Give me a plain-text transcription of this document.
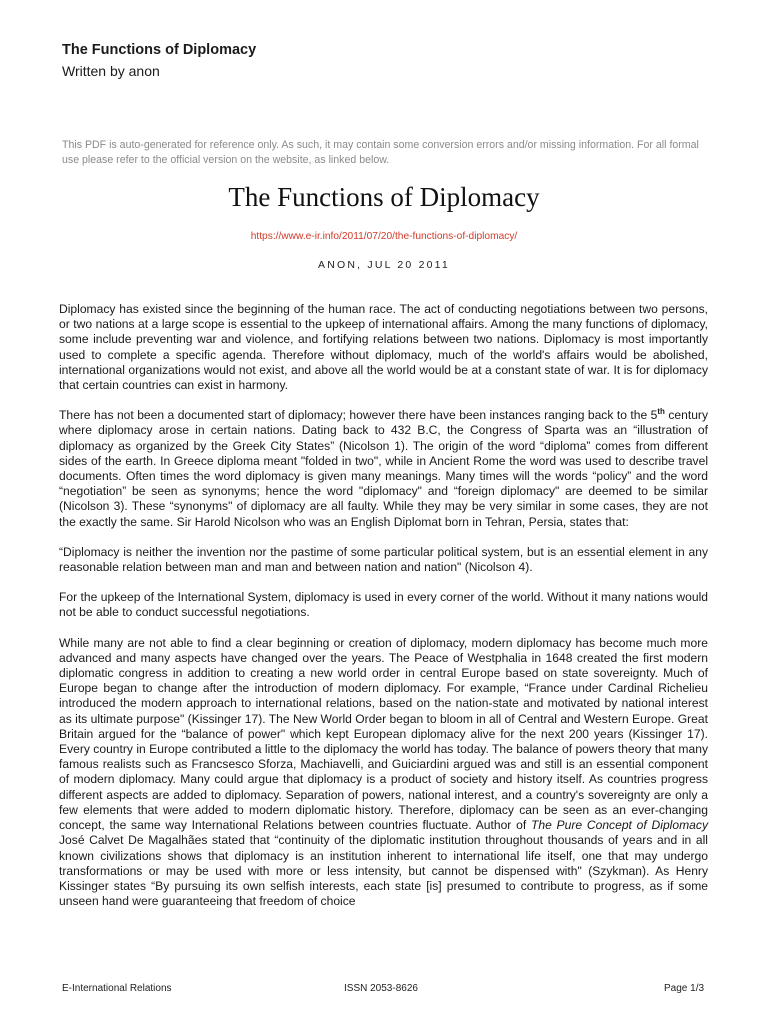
The Functions of Diplomacy
Written by anon
This PDF is auto-generated for reference only. As such, it may contain some conversion errors and/or missing information. For all formal use please refer to the official version on the website, as linked below.
The Functions of Diplomacy
https://www.e-ir.info/2011/07/20/the-functions-of-diplomacy/
ANON, JUL 20 2011

Diplomacy has existed since the beginning of the human race. The act of conducting negotiations between two persons, or two nations at a large scope is essential to the upkeep of international affairs. Among the many functions of diplomacy, some include preventing war and violence, and fortifying relations between two nations. Diplomacy is most importantly used to complete a specific agenda. Therefore without diplomacy, much of the world's affairs would be abolished, international organizations would not exist, and above all the world would be at a constant state of war. It is for diplomacy that certain countries can exist in harmony.

There has not been a documented start of diplomacy; however there have been instances ranging back to the 5th century where diplomacy arose in certain nations. Dating back to 432 B.C, the Congress of Sparta was an “illustration of diplomacy as organized by the Greek City States” (Nicolson 1). The origin of the word “diploma” comes from different sides of the earth. In Greece diploma meant "folded in two", while in Ancient Rome the word was used to describe travel documents. Often times the word diplomacy is given many meanings. Many times will the words “policy” and the word “negotiation” be seen as synonyms; hence the word "diplomacy" and “foreign diplomacy" are deemed to be similar (Nicolson 3). These “synonyms" of diplomacy are all faulty. While they may be very similar in some cases, they are not the exactly the same. Sir Harold Nicolson who was an English Diplomat born in Tehran, Persia, states that:

“Diplomacy is neither the invention nor the pastime of some particular political system, but is an essential element in any reasonable relation between man and man and between nation and nation" (Nicolson 4).

For the upkeep of the International System, diplomacy is used in every corner of the world. Without it many nations would not be able to conduct successful negotiations.

While many are not able to find a clear beginning or creation of diplomacy, modern diplomacy has become much more advanced and many aspects have changed over the years. The Peace of Westphalia in 1648 created the first modern diplomatic congress in addition to creating a new world order in central Europe based on state sovereignty. Much of Europe began to change after the introduction of modern diplomacy. For example, “France under Cardinal Richelieu introduced the modern approach to international relations, based on the nation-state and motivated by national interest as its ultimate purpose" (Kissinger 17). The New World Order began to bloom in all of Central and Western Europe. Great Britain argued for the “balance of power" which kept European diplomacy alive for the next 200 years (Kissinger 17). Every country in Europe contributed a little to the diplomacy the world has today. The balance of powers theory that many famous realists such as Francsesco Sforza, Machiavelli, and Guiciardini argued was and still is an essential component of modern diplomacy. Many could argue that diplomacy is a product of society and history itself. As countries progress different aspects are added to diplomacy. Separation of powers, national interest, and a country's sovereignty are only a few elements that were added to modern diplomatic history. Therefore, diplomacy can be seen as an ever-changing concept, the same way International Relations between countries fluctuate. Author of The Pure Concept of Diplomacy José Calvet De Magalhães stated that “continuity of the diplomatic institution throughout thousands of years and in all known civilizations shows that diplomacy is an institution inherent to international life itself, one that may undergo transformations or may be used with more or less intensity, but cannot be dispensed with" (Szykman). As Henry Kissinger states “By pursuing its own selfish interests, each state [is] presumed to contribute to progress, as if some unseen hand were guaranteeing that freedom of choice

E-International Relations	ISSN 2053-8626	Page 1/3
